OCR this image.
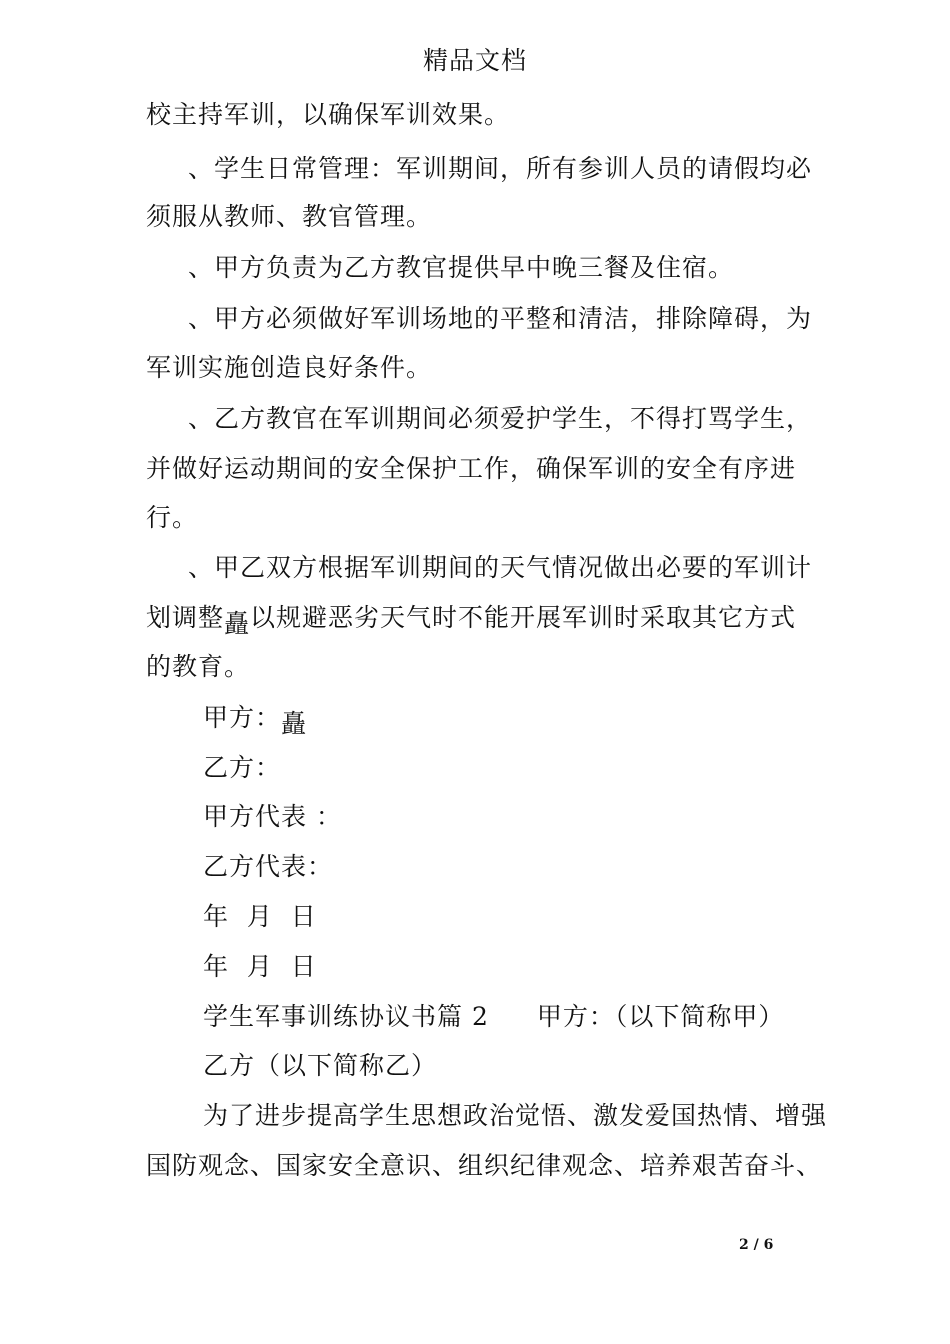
精品文档
校主持军训，以确保军训效果。
、学生日常管理：军训期间，所有参训人员的请假均必
须服从教师、教官管理。
、甲方负责为乙方教官提供早中晚三餐及住宿。
、甲方必须做好军训场地的平整和清洁，排除障碍，为
军训实施创造良好条件。
、乙方教官在军训期间必须爱护学生，不得打骂学生，
并做好运动期间的安全保护工作，确保军训的安全有序进
行。
、甲乙双方根据军训期间的天气情况做出必要的军训计
划调整矗以规避恶劣天气时不能开展军训时采取其它方式
的教育。
甲方：矗
乙方：
甲方代表 ：
乙方代表：
年  月  日
年  月  日
学生军事训练协议书篇 2 甲方：（以下简称甲）
乙方（以下简称乙）
为了进步提高学生思想政治觉悟、激发爱国热情、增强
国防观念、国家安全意识、组织纪律观念、培养艰苦奋斗、
2 / 6
